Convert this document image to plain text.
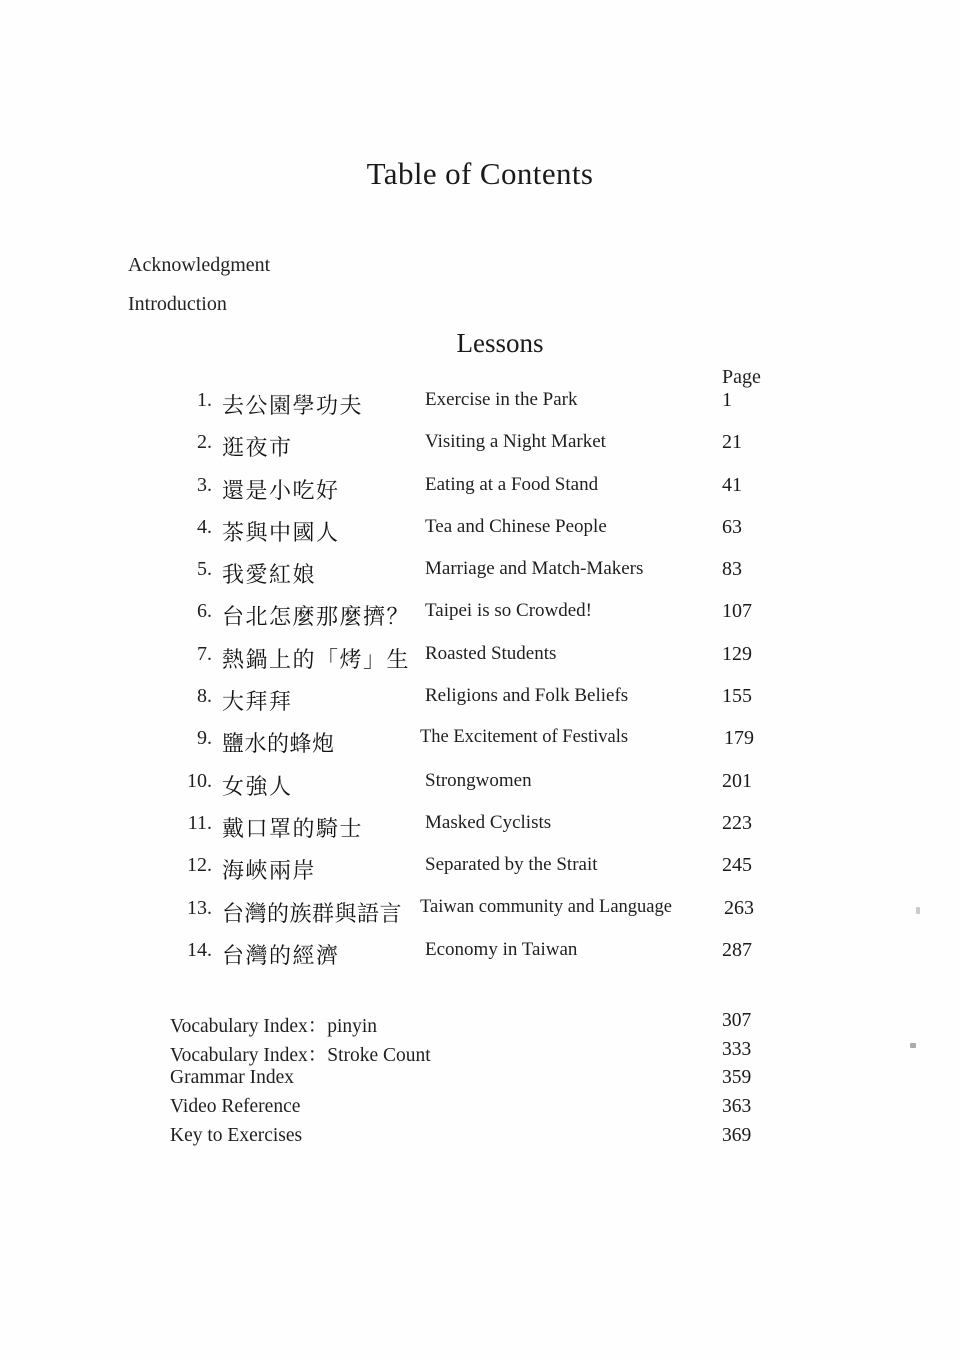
Table of Contents
Acknowledgment
Introduction
Lessons
Page
1. 去公園學功夫	Exercise in the Park	1
2. 逛夜市	Visiting a Night Market	21
3. 還是小吃好	Eating at a Food Stand	41
4. 茶與中國人	Tea and Chinese People	63
5. 我愛紅娘	Marriage and Match-Makers	83
6. 台北怎麼那麼擠？ Taipei is so Crowded!	107
7. 熱鍋上的「烤」生 Roasted Students	129
8. 大拜拜	Religions and Folk Beliefs	155
9. 鹽水的蜂炮	The Excitement of Festivals	179
10. 女強人	Strongwomen	201
11. 戴口罩的騎士	Masked Cyclists	223
12. 海峽兩岸	Separated by the Strait	245
13. 台灣的族群與語言 Taiwan community and Language	263
14. 台灣的經濟	Economy in Taiwan	287
Vocabulary Index：pinyin	307
Vocabulary Index：Stroke Count	333
Grammar Index	359
Video Reference	363
Key to Exercises	369
